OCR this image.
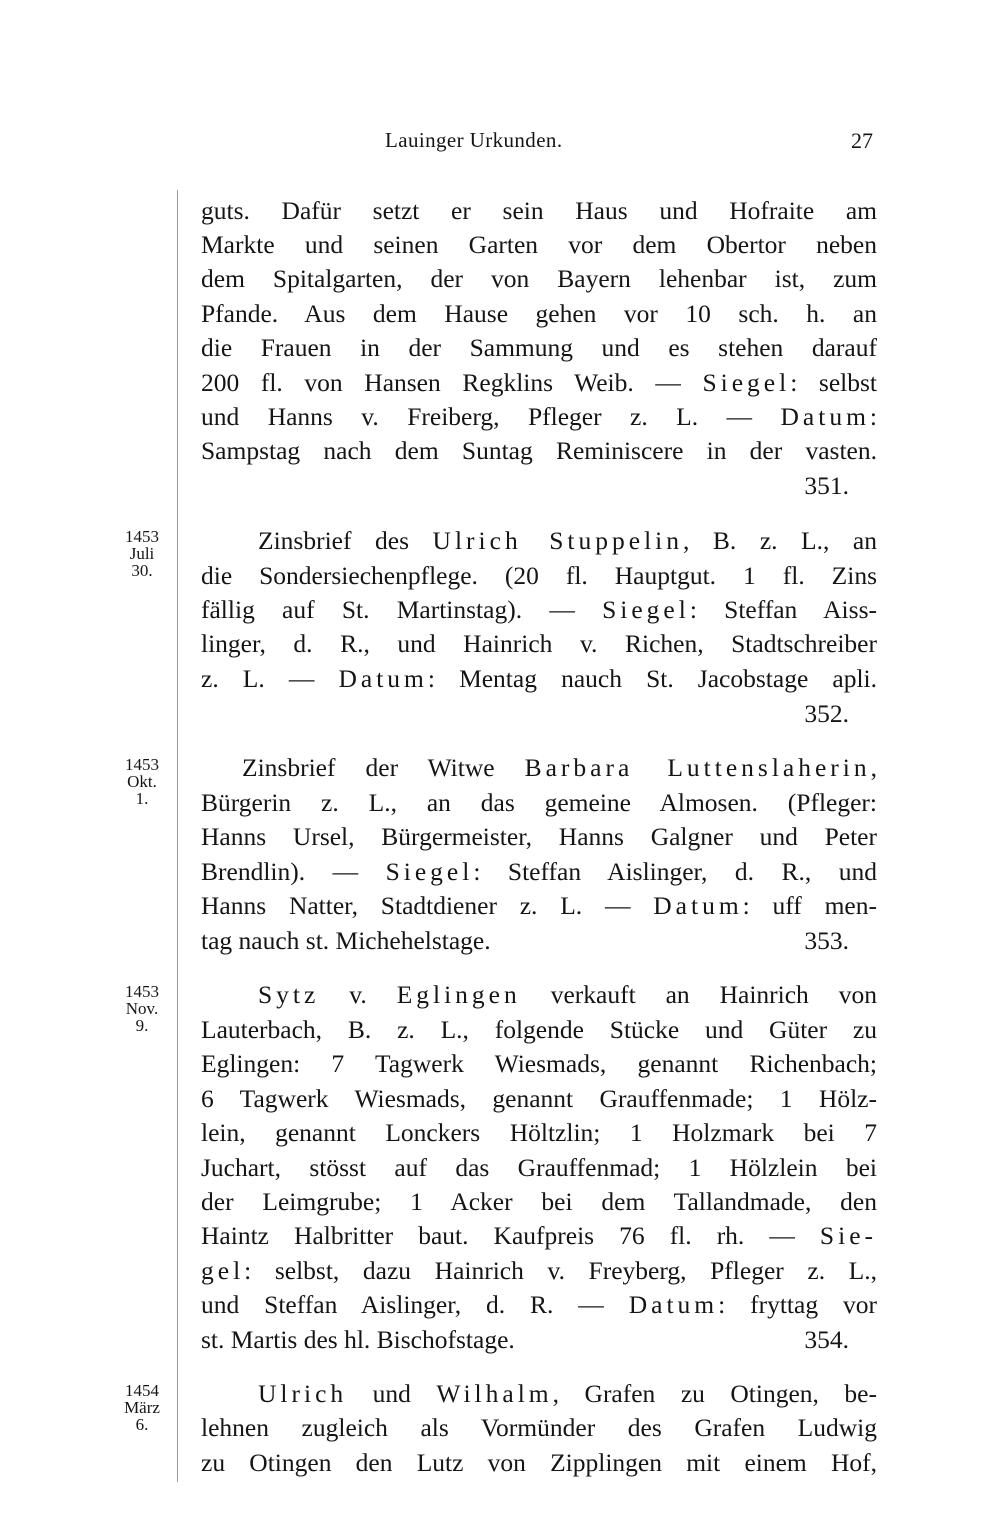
Lauinger Urkunden.	27
guts. Dafür setzt er sein Haus und Hofraite am
Markte und seinen Garten vor dem Obertor neben
dem Spitalgarten, der von Bayern lehenbar ist, zum
Pfande. Aus dem Hause gehen vor 10 sch. h. an
die Frauen in der Sammung und es stehen darauf
200 fl. von Hansen Regklins Weib. — Siegel: selbst
und Hanns v. Freiberg, Pfleger z. L. — Datum:
Sampstag nach dem Suntag Reminiscere in der vasten.
351.
1453
Juli
30.
Zinsbrief des Ulrich Stuppelin, B. z. L., an
die Sondersiechenpflege. (20 fl. Hauptgut. 1 fl. Zins
fällig auf St. Martinstag). — Siegel: Steffan Aiss-
linger, d. R., und Hainrich v. Richen, Stadtschreiber
z. L. — Datum: Mentag nauch St. Jacobstage apli.
352.
1453
Okt.
1.
Zinsbrief der Witwe Barbara Luttenslaherin,
Bürgerin z. L., an das gemeine Almosen. (Pfleger:
Hanns Ursel, Bürgermeister, Hanns Galgner und Peter
Brendlin). — Siegel: Steffan Aislinger, d. R., und
Hanns Natter, Stadtdiener z. L. — Datum: uff men-
tag nauch st. Michehelstage.	353.
1453
Nov.
9.
Sytz v. Eglingen verkauft an Hainrich von
Lauterbach, B. z. L., folgende Stücke und Güter zu
Eglingen: 7 Tagwerk Wiesmads, genannt Richenbach;
6 Tagwerk Wiesmads, genannt Grauffenmade; 1 Hölz-
lein, genannt Lonckers Höltzlin; 1 Holzmark bei 7
Juchart, stösst auf das Grauffenmad; 1 Hölzlein bei
der Leimgrube; 1 Acker bei dem Tallandmade, den
Haintz Halbritter baut. Kaufpreis 76 fl. rh. — Sie-
gel: selbst, dazu Hainrich v. Freyberg, Pfleger z. L.,
und Steffan Aislinger, d. R. — Datum: fryttag vor
st. Martis des hl. Bischofstage.	354.
1454
März
6.
Ulrich und Wilhalm, Grafen zu Otingen, be-
lehnen zugleich als Vormünder des Grafen Ludwig
zu Otingen den Lutz von Zipplingen mit einem Hof,
